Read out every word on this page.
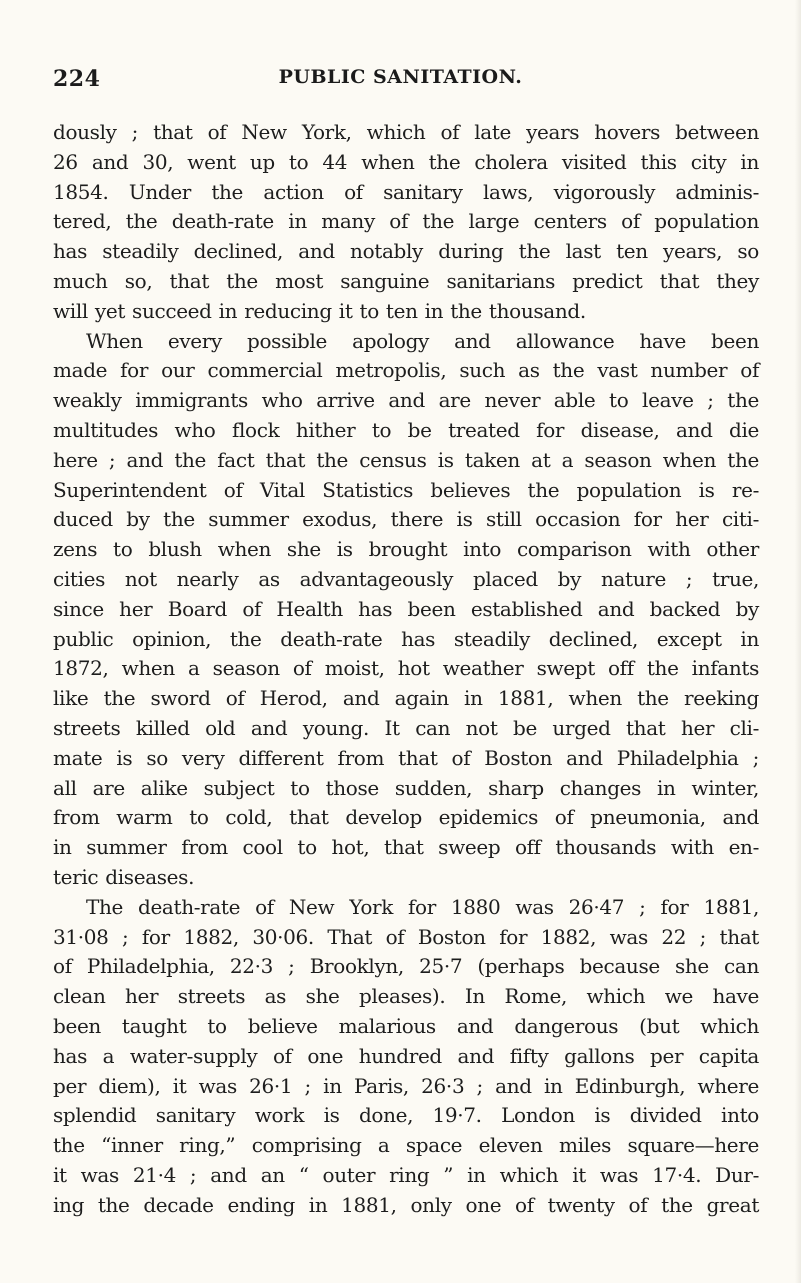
224	PUBLIC SANITATION.
dously ; that of New York, which of late years hovers between
26 and 30, went up to 44 when the cholera visited this city in
1854. Under the action of sanitary laws, vigorously adminis-
tered, the death-rate in many of the large centers of population
has steadily declined, and notably during the last ten years, so
much so, that the most sanguine sanitarians predict that they
will yet succeed in reducing it to ten in the thousand.
When every possible apology and allowance have been
made for our commercial metropolis, such as the vast number of
weakly immigrants who arrive and are never able to leave ; the
multitudes who flock hither to be treated for disease, and die
here ; and the fact that the census is taken at a season when the
Superintendent of Vital Statistics believes the population is re-
duced by the summer exodus, there is still occasion for her citi-
zens to blush when she is brought into comparison with other
cities not nearly as advantageously placed by nature ; true,
since her Board of Health has been established and backed by
public opinion, the death-rate has steadily declined, except in
1872, when a season of moist, hot weather swept off the infants
like the sword of Herod, and again in 1881, when the reeking
streets killed old and young. It can not be urged that her cli-
mate is so very different from that of Boston and Philadelphia ;
all are alike subject to those sudden, sharp changes in winter,
from warm to cold, that develop epidemics of pneumonia, and
in summer from cool to hot, that sweep off thousands with en-
teric diseases.
The death-rate of New York for 1880 was 26·47 ; for 1881,
31·08 ; for 1882, 30·06. That of Boston for 1882, was 22 ; that
of Philadelphia, 22·3 ; Brooklyn, 25·7 (perhaps because she can
clean her streets as she pleases). In Rome, which we have
been taught to believe malarious and dangerous (but which
has a water-supply of one hundred and fifty gallons per capita
per diem), it was 26·1 ; in Paris, 26·3 ; and in Edinburgh, where
splendid sanitary work is done, 19·7. London is divided into
the “inner ring,” comprising a space eleven miles square—here
it was 21·4 ; and an “ outer ring ” in which it was 17·4. Dur-
ing the decade ending in 1881, only one of twenty of the great
